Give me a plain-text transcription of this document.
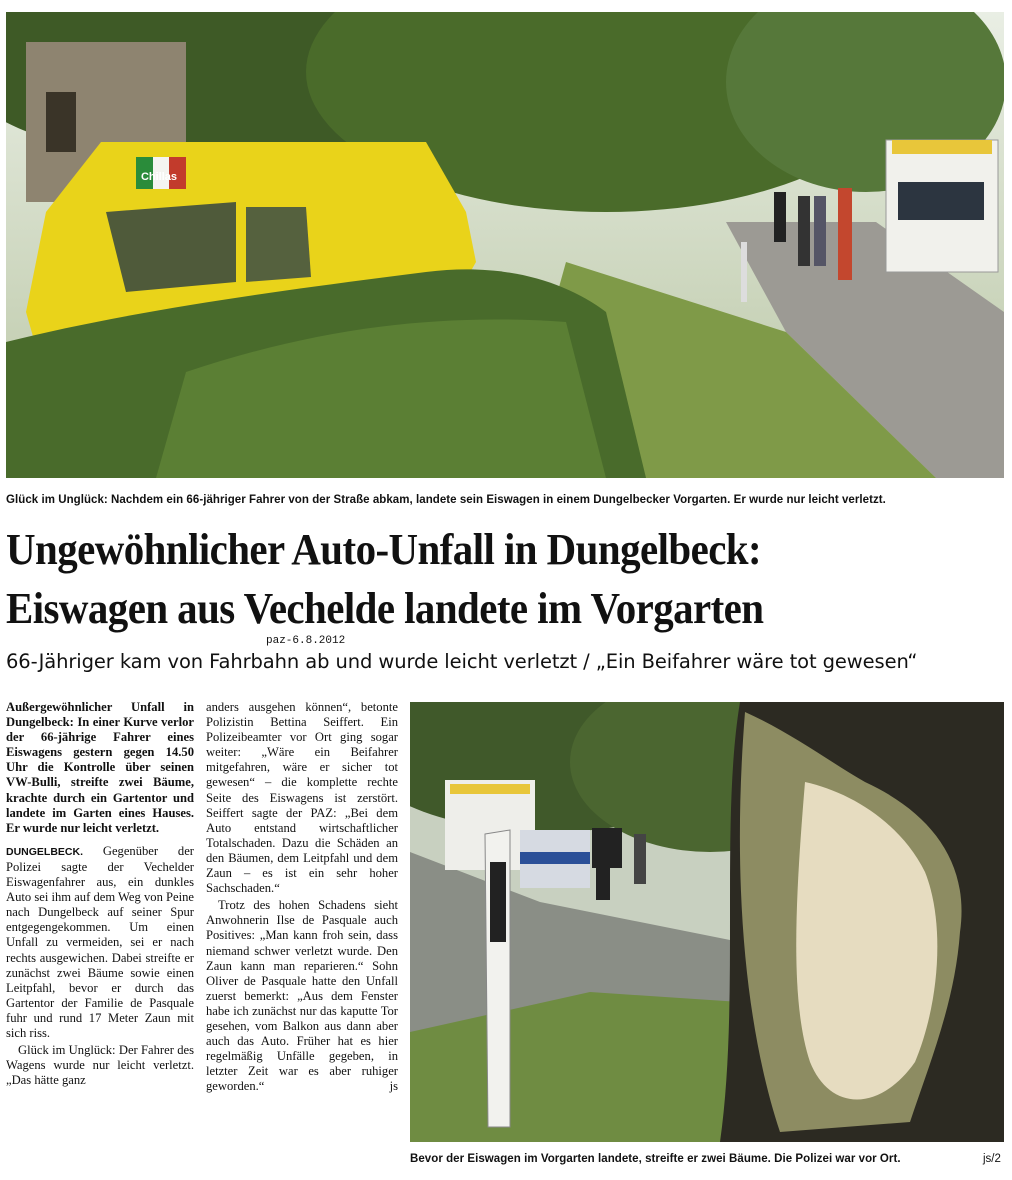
Chillas
Glück im Unglück: Nachdem ein 66-jähriger Fahrer von der Straße abkam, landete sein Eiswagen in einem Dungelbecker Vorgarten. Er wurde nur leicht verletzt.
Ungewöhnlicher Auto-Unfall in Dungelbeck:
Eiswagen aus Vechelde landete im Vorgarten
paz-6.8.2012
66-Jähriger kam von Fahrbahn ab und wurde leicht verletzt / „Ein Beifahrer wäre tot gewesen“

Außergewöhnlicher Unfall in Dungelbeck: In einer Kurve verlor der 66-jährige Fahrer eines Eiswagens gestern gegen 14.50 Uhr die Kontrolle über seinen VW-Bulli, streifte zwei Bäume, krachte durch ein Gartentor und landete im Garten eines Hauses. Er wurde nur leicht verletzt.

DUNGELBECK. Gegenüber der Polizei sagte der Vechelder Eiswagenfahrer aus, ein dunkles Auto sei ihm auf dem Weg von Peine nach Dungelbeck auf seiner Spur entgegengekommen. Um einen Unfall zu vermeiden, sei er nach rechts ausgewichen. Dabei streifte er zunächst zwei Bäume sowie einen Leitpfahl, bevor er durch das Gartentor der Familie de Pasquale fuhr und rund 17 Meter Zaun mit sich riss.

Glück im Unglück: Der Fahrer des Wagens wurde nur leicht verletzt. „Das hätte ganz

anders ausgehen können“, betonte Polizistin Bettina Seiffert. Ein Polizeibeamter vor Ort ging sogar weiter: „Wäre ein Beifahrer mitgefahren, wäre er sicher tot gewesen“ – die komplette rechte Seite des Eiswagens ist zerstört. Seiffert sagte der PAZ: „Bei dem Auto entstand wirtschaftlicher Totalschaden. Dazu die Schäden an den Bäumen, dem Leitpfahl und dem Zaun – es ist ein sehr hoher Sachschaden.“

Trotz des hohen Schadens sieht Anwohnerin Ilse de Pasquale auch Positives: „Man kann froh sein, dass niemand schwer verletzt wurde. Den Zaun kann man reparieren.“ Sohn Oliver de Pasquale hatte den Unfall zuerst bemerkt: „Aus dem Fenster habe ich zunächst nur das kaputte Tor gesehen, vom Balkon aus dann aber auch das Auto. Früher hat es hier regelmäßig Unfälle gegeben, in letzter Zeit war es aber ruhiger geworden.“	js

Bevor der Eiswagen im Vorgarten landete, streifte er zwei Bäume. Die Polizei war vor Ort.	js/2
